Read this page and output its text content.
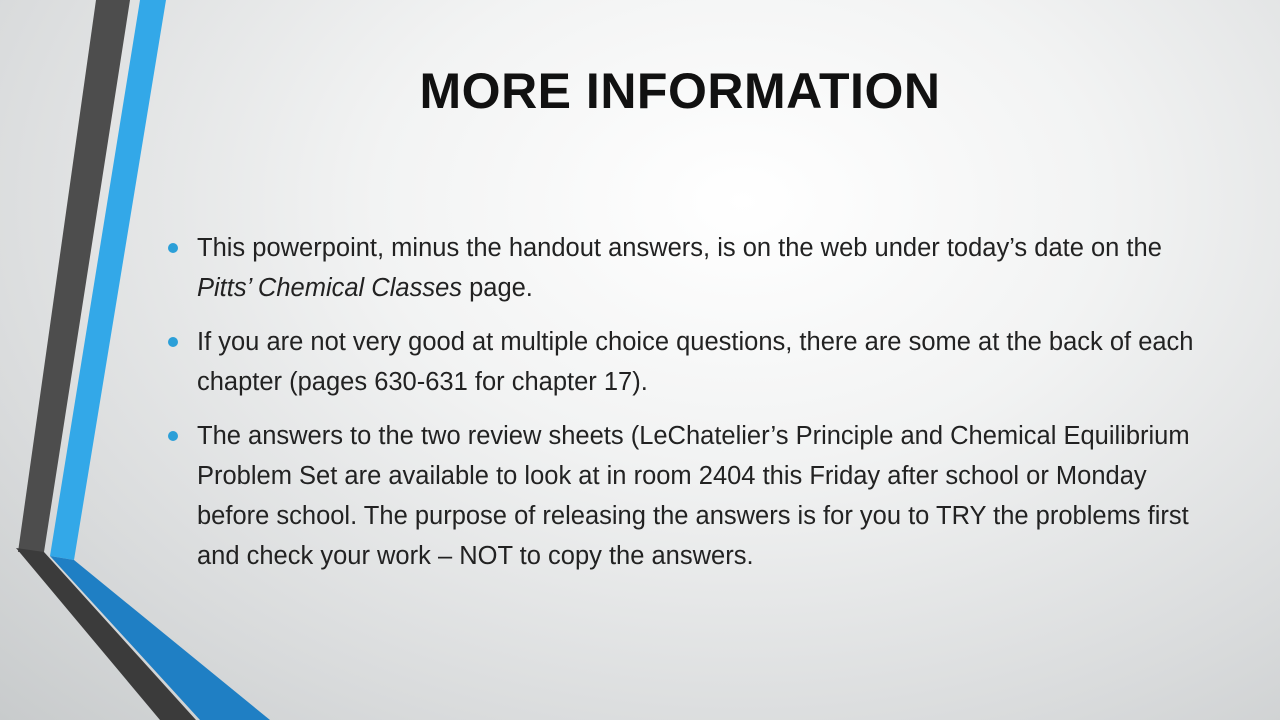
MORE INFORMATION
This powerpoint, minus the handout answers, is on the web under today’s date on the Pitts’ Chemical Classes page.
If you are not very good at multiple choice questions, there are some at the back of each chapter (pages 630-631 for chapter 17).
The answers to the two review sheets (LeChatelier’s Principle and Chemical Equilibrium Problem Set are available to look at in room 2404 this Friday after school or Monday before school. The purpose of releasing the answers is for you to TRY the problems first and check your work – NOT to copy the answers.
